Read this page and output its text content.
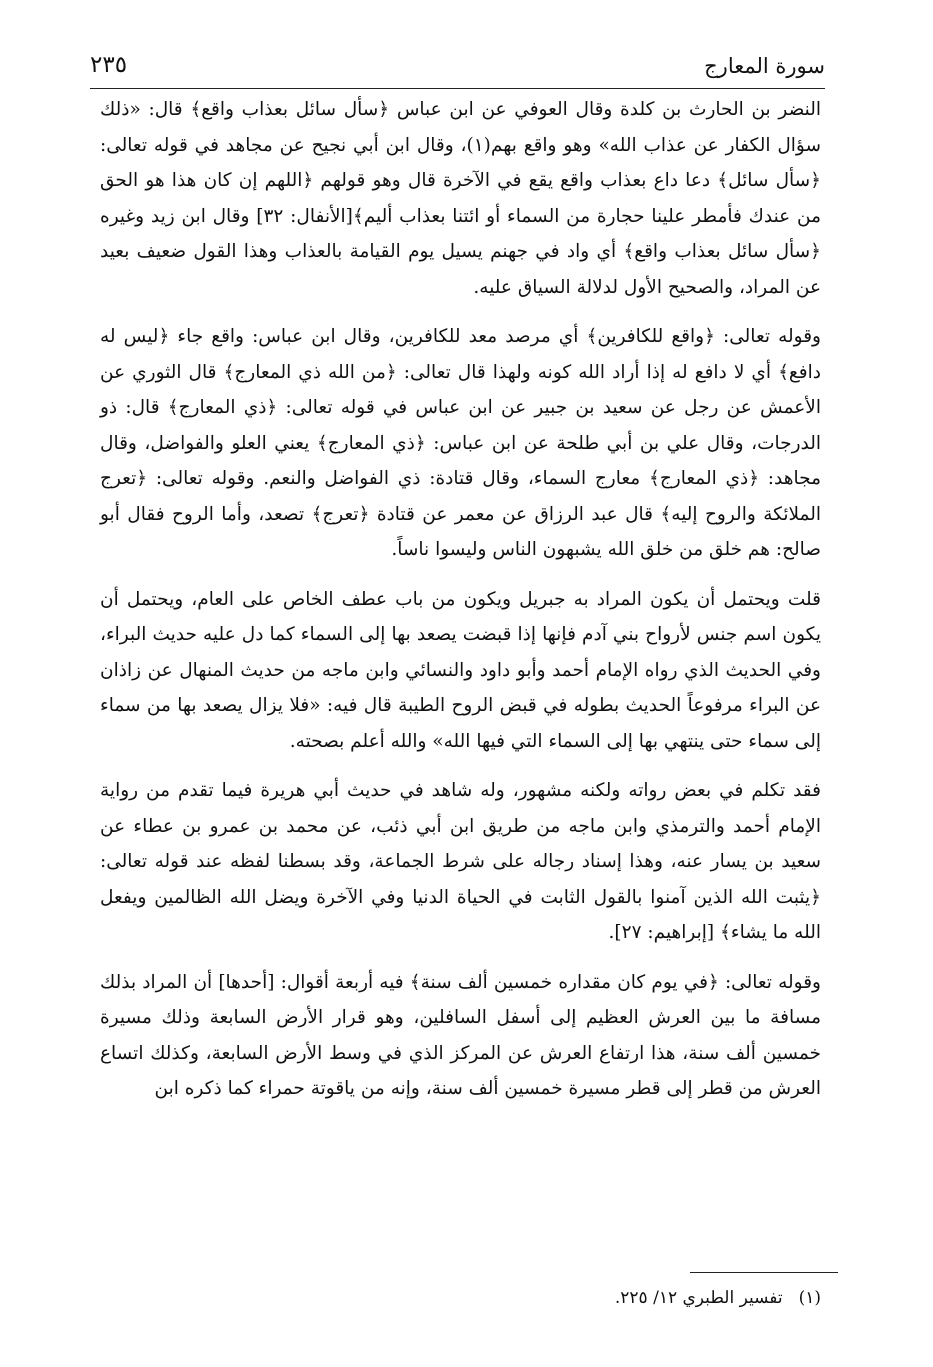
سورة المعارج
٢٣٥

النضر بن الحارث بن كلدة وقال العوفي عن ابن عباس ﴿سأل سائل بعذاب واقع﴾ قال: «ذلك سؤال الكفار عن عذاب الله» وهو واقع بهم(١)، وقال ابن أبي نجيح عن مجاهد في قوله تعالى: ﴿سأل سائل﴾ دعا داع بعذاب واقع يقع في الآخرة قال وهو قولهم ﴿اللهم إن كان هذا هو الحق من عندك فأمطر علينا حجارة من السماء أو ائتنا بعذاب أليم﴾[الأنفال: ٣٢] وقال ابن زيد وغيره ﴿سأل سائل بعذاب واقع﴾ أي واد في جهنم يسيل يوم القيامة بالعذاب وهذا القول ضعيف بعيد عن المراد، والصحيح الأول لدلالة السياق عليه.

وقوله تعالى: ﴿واقع للكافرين﴾ أي مرصد معد للكافرين، وقال ابن عباس: واقع جاء ﴿ليس له دافع﴾ أي لا دافع له إذا أراد الله كونه ولهذا قال تعالى: ﴿من الله ذي المعارج﴾ قال الثوري عن الأعمش عن رجل عن سعيد بن جبير عن ابن عباس في قوله تعالى: ﴿ذي المعارج﴾ قال: ذو الدرجات، وقال علي بن أبي طلحة عن ابن عباس: ﴿ذي المعارج﴾ يعني العلو والفواضل، وقال مجاهد: ﴿ذي المعارج﴾ معارج السماء، وقال قتادة: ذي الفواضل والنعم. وقوله تعالى: ﴿تعرج الملائكة والروح إليه﴾ قال عبد الرزاق عن معمر عن قتادة ﴿تعرج﴾ تصعد، وأما الروح فقال أبو صالح: هم خلق من خلق الله يشبهون الناس وليسوا ناساً.

قلت ويحتمل أن يكون المراد به جبريل ويكون من باب عطف الخاص على العام، ويحتمل أن يكون اسم جنس لأرواح بني آدم فإنها إذا قبضت يصعد بها إلى السماء كما دل عليه حديث البراء، وفي الحديث الذي رواه الإمام أحمد وأبو داود والنسائي وابن ماجه من حديث المنهال عن زاذان عن البراء مرفوعاً الحديث بطوله في قبض الروح الطيبة قال فيه: «فلا يزال يصعد بها من سماء إلى سماء حتى ينتهي بها إلى السماء التي فيها الله» والله أعلم بصحته.

فقد تكلم في بعض رواته ولكنه مشهور، وله شاهد في حديث أبي هريرة فيما تقدم من رواية الإمام أحمد والترمذي وابن ماجه من طريق ابن أبي ذئب، عن محمد بن عمرو بن عطاء عن سعيد بن يسار عنه، وهذا إسناد رجاله على شرط الجماعة، وقد بسطنا لفظه عند قوله تعالى: ﴿يثبت الله الذين آمنوا بالقول الثابت في الحياة الدنيا وفي الآخرة ويضل الله الظالمين ويفعل الله ما يشاء﴾ [إبراهيم: ٢٧].

وقوله تعالى: ﴿في يوم كان مقداره خمسين ألف سنة﴾ فيه أربعة أقوال: [أحدها] أن المراد بذلك مسافة ما بين العرش العظيم إلى أسفل السافلين، وهو قرار الأرض السابعة وذلك مسيرة خمسين ألف سنة، هذا ارتفاع العرش عن المركز الذي في وسط الأرض السابعة، وكذلك اتساع العرش من قطر إلى قطر مسيرة خمسين ألف سنة، وإنه من ياقوتة حمراء كما ذكره ابن

(١)تفسير الطبري ١٢/ ٢٢٥.
